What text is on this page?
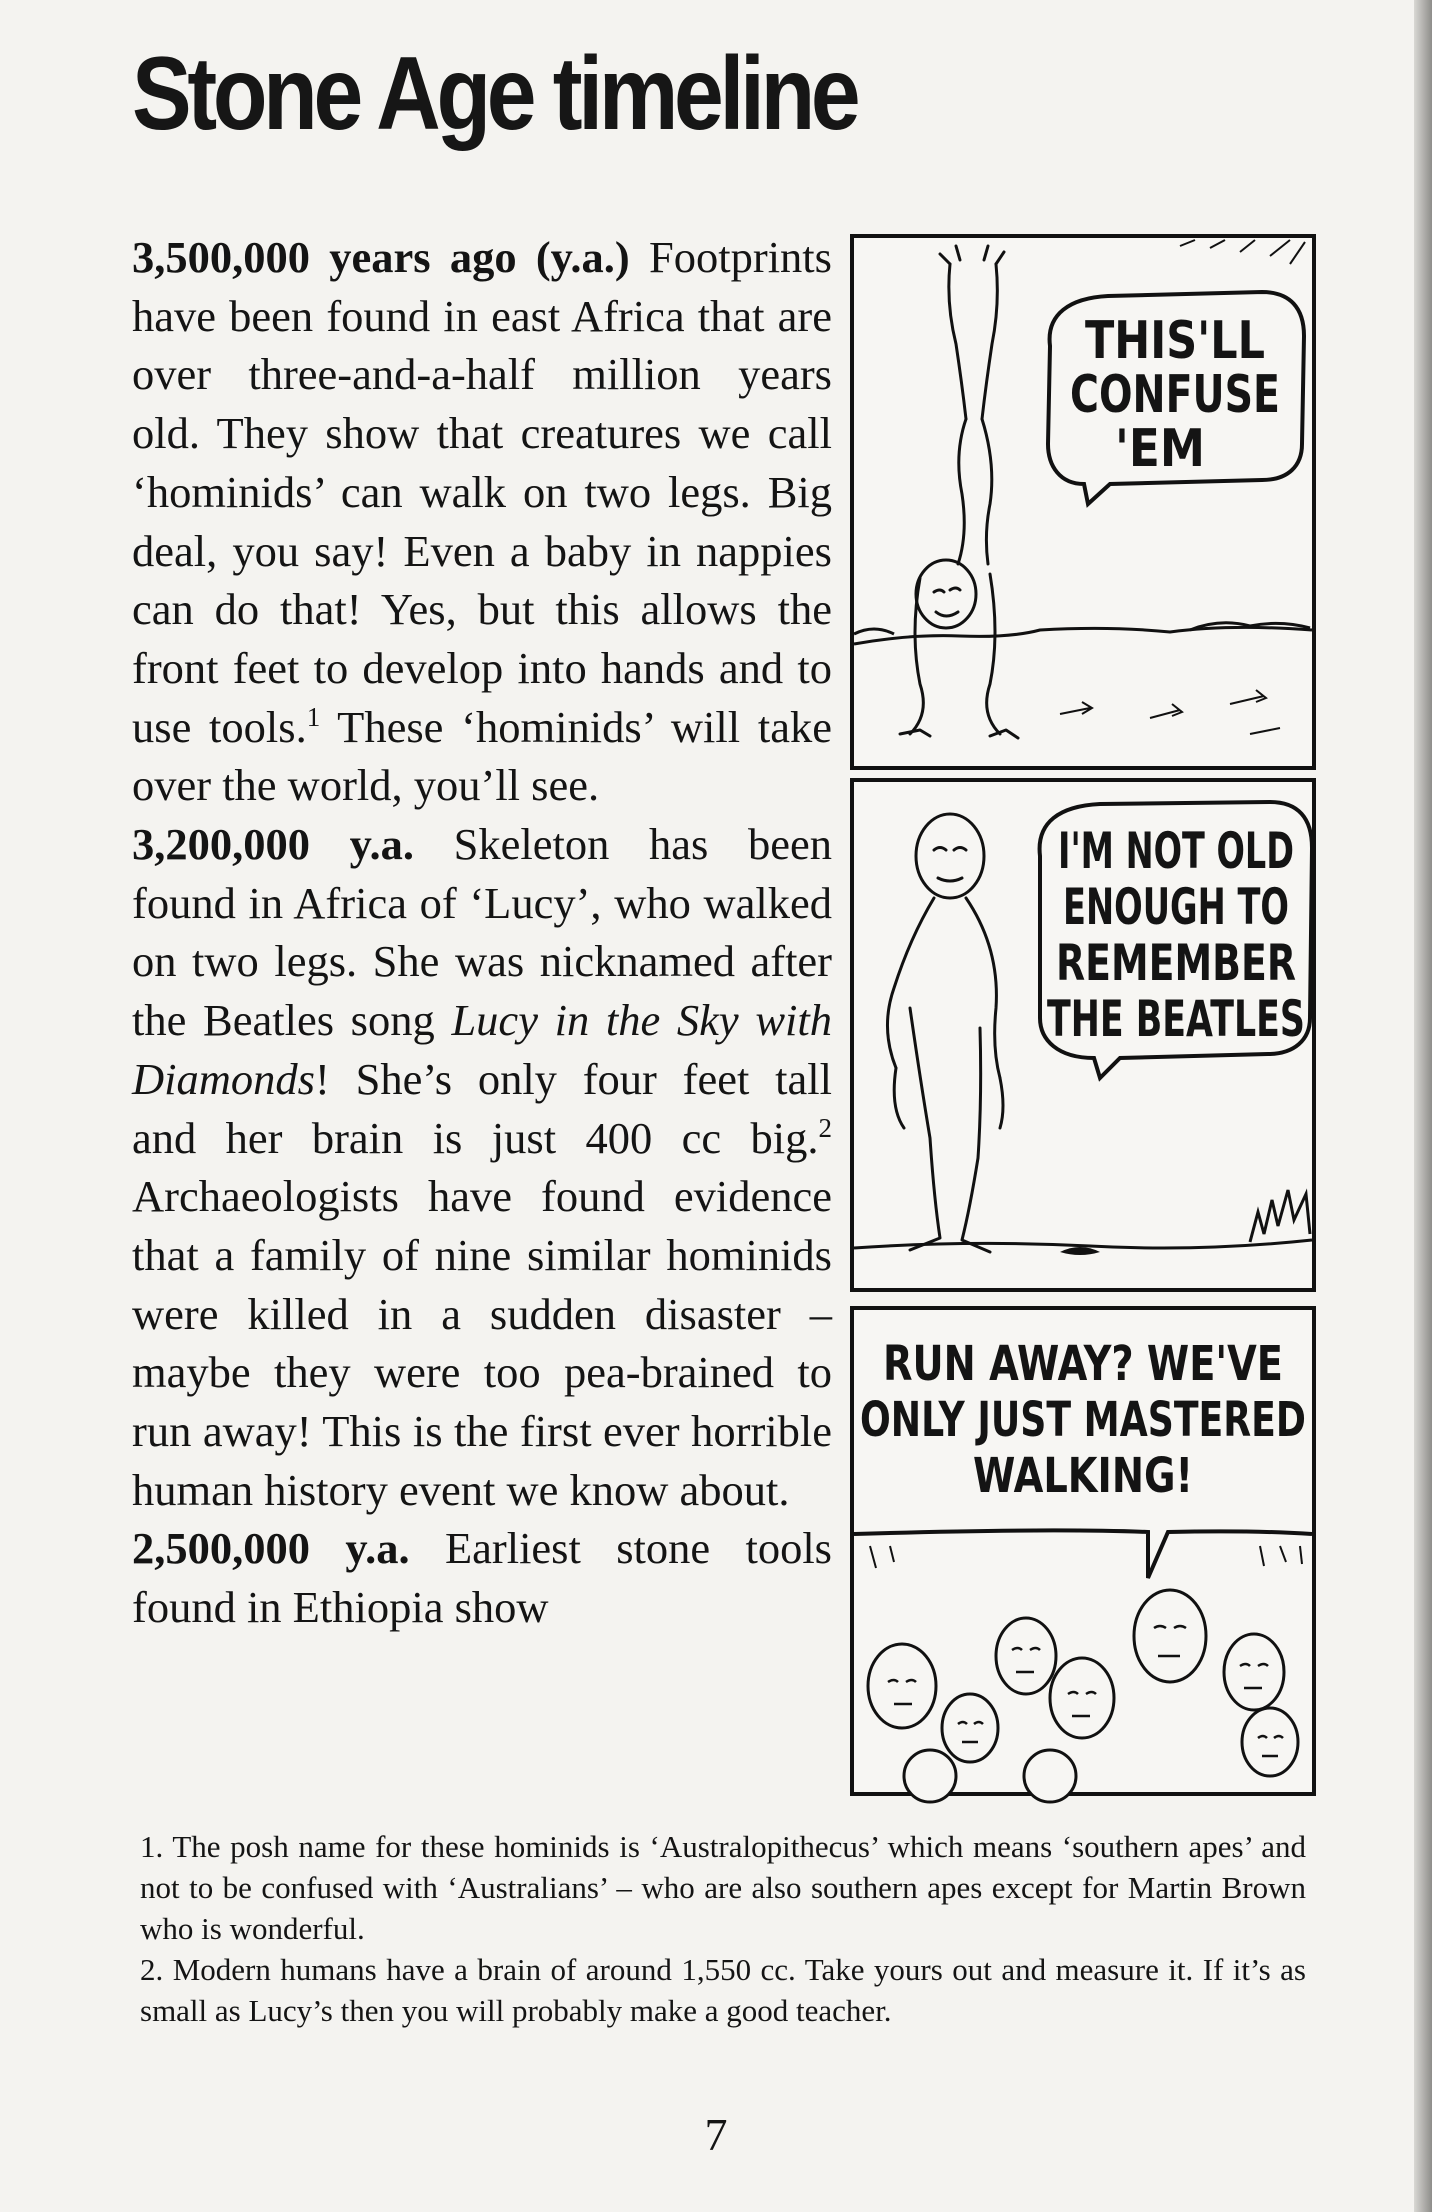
Stone Age timeline

3,500,000 years ago (y.a.) Footprints have been found in east Africa that are over three-and-a-half million years old. They show that creatures we call ‘hominids’ can walk on two legs. Big deal, you say! Even a baby in nappies can do that! Yes, but this allows the front feet to develop into hands and to use tools.$^1$ These ‘hominids’ will take over the world, you’ll see.

3,200,000 y.a. Skeleton has been found in Africa of ‘Lucy’, who walked on two legs. She was nicknamed after the Beatles song Lucy in the Sky with Diamonds! She’s only four feet tall and her brain is just 400 cc big.$^2$ Archaeologists have found evidence that a family of nine similar hominids were killed in a sudden disaster – maybe they were too pea-brained to run away! This is the first ever horrible human history event we know about.

2,500,000 y.a. Earliest stone tools found in Ethiopia show

THIS'LL
CONFUSE
'EM
I'M NOT OLD
ENOUGH TO
REMEMBER
THE BEATLES
RUN AWAY? WE'VE
ONLY JUST MASTERED
WALKING!

1. The posh name for these hominids is ‘Australopithecus’ which means ‘southern apes’ and not to be confused with ‘Australians’ – who are also southern apes except for Martin Brown who is wonderful.

2. Modern humans have a brain of around 1,550 cc. Take yours out and measure it. If it’s as small as Lucy’s then you will probably make a good teacher.

7
